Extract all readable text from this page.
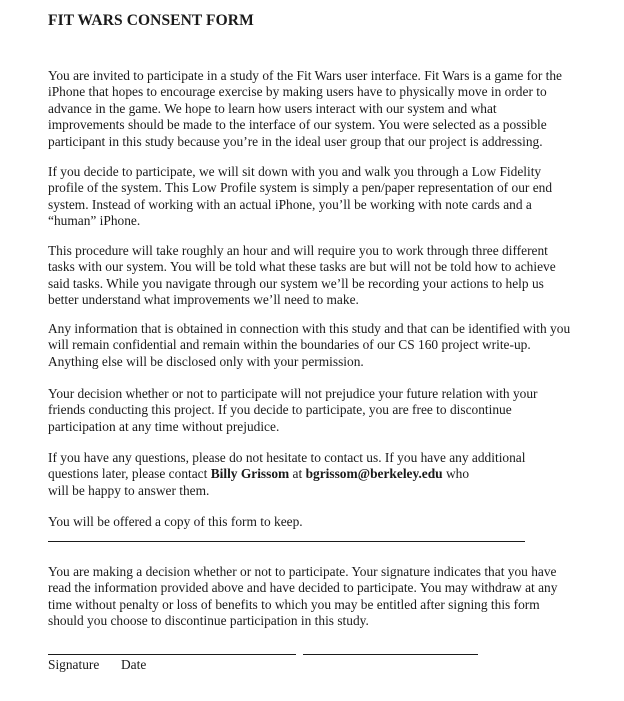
FIT WARS CONSENT FORM

You are invited to participate in a study of the Fit Wars user interface. Fit Wars is a game for the
iPhone that hopes to encourage exercise by making users have to physically move in order to
advance in the game. We hope to learn how users interact with our system and what
improvements should be made to the interface of our system. You were selected as a possible
participant in this study because you’re in the ideal user group that our project is addressing.

If you decide to participate, we will sit down with you and walk you through a Low Fidelity
profile of the system. This Low Profile system is simply a pen/paper representation of our end
system. Instead of working with an actual iPhone, you’ll be working with note cards and a
“human” iPhone.

This procedure will take roughly an hour and will require you to work through three different
tasks with our system. You will be told what these tasks are but will not be told how to achieve
said tasks. While you navigate through our system we’ll be recording your actions to help us
better understand what improvements we’ll need to make.

Any information that is obtained in connection with this study and that can be identified with you
will remain confidential and remain within the boundaries of our CS 160 project write-up.
Anything else will be disclosed only with your permission.

Your decision whether or not to participate will not prejudice your future relation with your
friends conducting this project. If you decide to participate, you are free to discontinue
participation at any time without prejudice.

If you have any questions, please do not hesitate to contact us. If you have any additional
questions later, please contact Billy Grissom at bgrissom@berkeley.edu who
will be happy to answer them.

You will be offered a copy of this form to keep.

You are making a decision whether or not to participate. Your signature indicates that you have
read the information provided above and have decided to participate. You may withdraw at any
time without penalty or loss of benefits to which you may be entitled after signing this form
should you choose to discontinue participation in this study.

Signature Date
